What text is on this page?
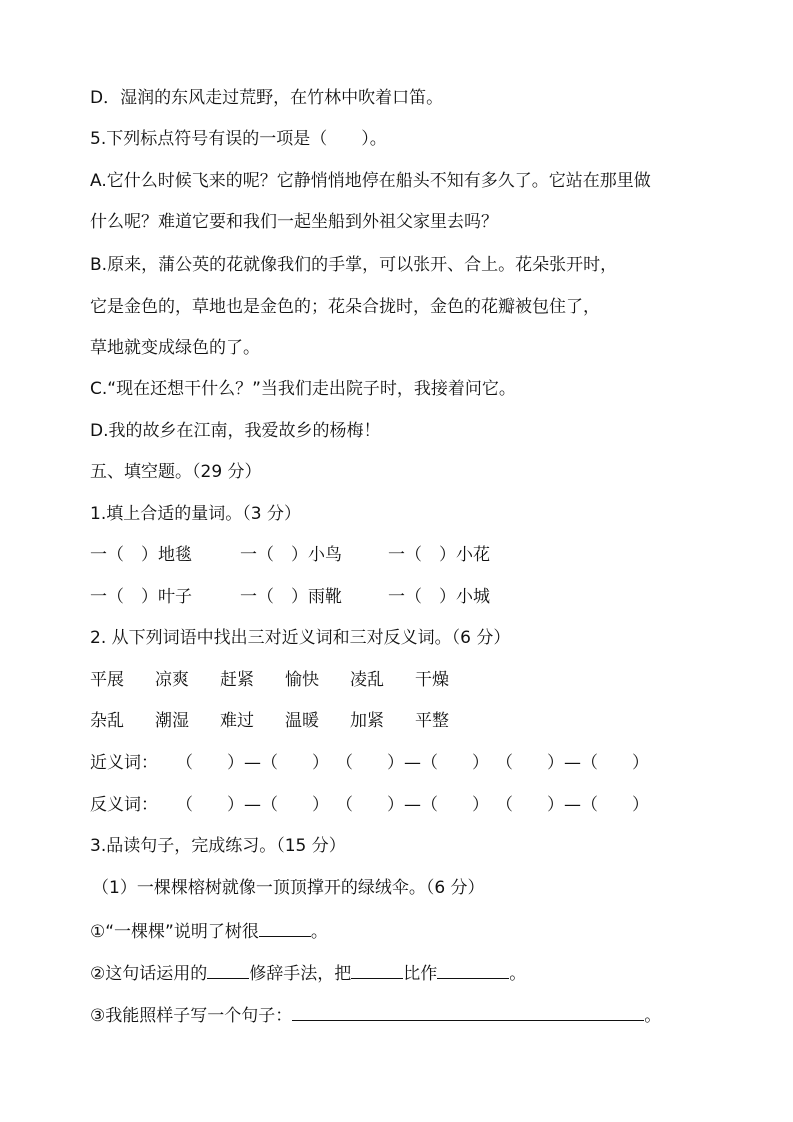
D．湿润的东风走过荒野，在竹林中吹着口笛。
5.下列标点符号有误的一项是（　　）。
A.它什么时候飞来的呢？它静悄悄地停在船头不知有多久了。它站在那里做
什么呢？难道它要和我们一起坐船到外祖父家里去吗？
B.原来，蒲公英的花就像我们的手掌，可以张开、合上。花朵张开时，
它是金色的，草地也是金色的；花朵合拢时，金色的花瓣被包住了，
草地就变成绿色的了。
C.“现在还想干什么？”当我们走出院子时，我接着问它。
D.我的故乡在江南，我爱故乡的杨梅！
五、填空题。（29 分）
1.填上合适的量词。（3 分）
一（　）地毯	一（　）小鸟	一（　）小花
一（　）叶子	一（　）雨靴	一（　）小城
2. 从下列词语中找出三对近义词和三对反义词。（6 分）
平展 凉爽 赶紧 愉快 凌乱 干燥
杂乱 潮湿 难过 温暖 加紧 平整
近义词： （　　）—（　　） （　　）—（　　） （　　）—（　　）
反义词： （　　）—（　　） （　　）—（　　） （　　）—（　　）
3.品读句子，完成练习。（15 分）
（1）一棵棵榕树就像一顶顶撑开的绿绒伞。（6 分）
①“一棵棵”说明了树很	。
②这句话运用的 修辞手法，把	比作	。
③我能照样子写一个句子：	。
